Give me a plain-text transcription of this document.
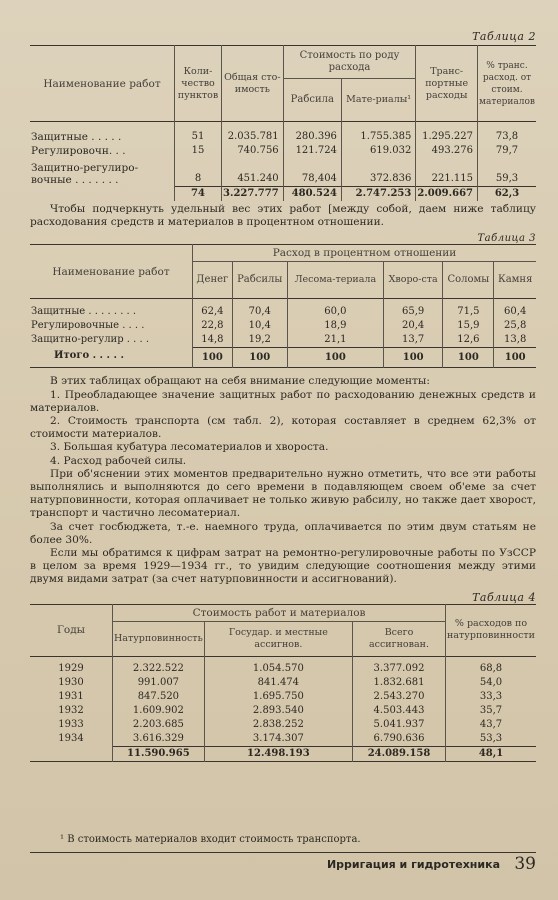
Таблица 2

Наименование работ	Коли-чество пунктов	Общая сто-имость	Стоимость по роду расхода		Транс-портные расходы	% транс. расход. от стоим. материалов
			Рабсила	Мате-риалы¹		

Защитные . . . . .	51	2.035.781	280.396	1.755.385	1.295.227	73,8
Регулировочн. . .	15	740.756	121.724	619.032	493.276	79,7
Защитно-регулиро-вочные . . . . . . .	8	451.240	78,404	372.836	221.115	59,3
	74	3.227.777	480.524	2.747.253	2.009.667	62,3

Чтобы подчеркнуть удельный вес этих работ [между собой, даем ниже таблицу расходования средств и материалов в процентном отношении.

Таблица 3

Наименование работ	Расход в процентном отношении					
	Денег	Рабсилы	Лесома-териала	Хворо-ста	Соломы	Камня

Защитные . . . . . . . .	62,4	70,4	60,0	65,9	71,5	60,4
Регулировочные . . . .	22,8	10,4	18,9	20,4	15,9	25,8
Защитно-регулир . . . .	14,8	19,2	21,1	13,7	12,6	13,8
Итого . . . . .	100	100	100	100	100	100

В этих таблицах обращают на себя внимание следующие моменты:

1. Преобладающее значение защитных работ по расходованию денежных средств и материалов.

2. Стоимость транспорта (см табл. 2), которая составляет в среднем 62,3% от стоимости материалов.

3. Большая кубатура лесоматериалов и хворостa.

4. Расход рабочей силы.

При об'яснении этих моментов предварительно нужно отметить, что все эти работы выполнялись и выполняются до сего времени в подавляющем своем об'еме за счет натурповинности, которая оплачивает не только живую рабсилу, но также дает хворост, транспорт и частично лесоматериал.

За счет госбюджета, т.-е. наемного труда, оплачивается по этим двум статьям не более 30%.

Если мы обратимся к цифрам затрат на ремонтно-регулировочные работы по УзССР в целом за время 1929—1934 гг., то увидим следующие соотношения между этими двумя видами затрат (за счет натурповинности и ассигнований).

Таблица 4

Годы	Стоимость работ и материалов			% расходов по натурповинности
	Натурповинность	Государ. и местные ассигнов.	Всего ассигнован.	

1929	2.322.522	1.054.570	3.377.092	68,8
1930	991.007	841.474	1.832.681	54,0
1931	847.520	1.695.750	2.543.270	33,3
1932	1.609.902	2.893.540	4.503.443	35,7
1933	2.203.685	2.838.252	5.041.937	43,7
1934	3.616.329	3.174.307	6.790.636	53,3
	11.590.965	12.498.193	24.089.158	48,1
¹ В стоимость материалов входит стоимость транспорта.
Ирригация и гидротехника 39
